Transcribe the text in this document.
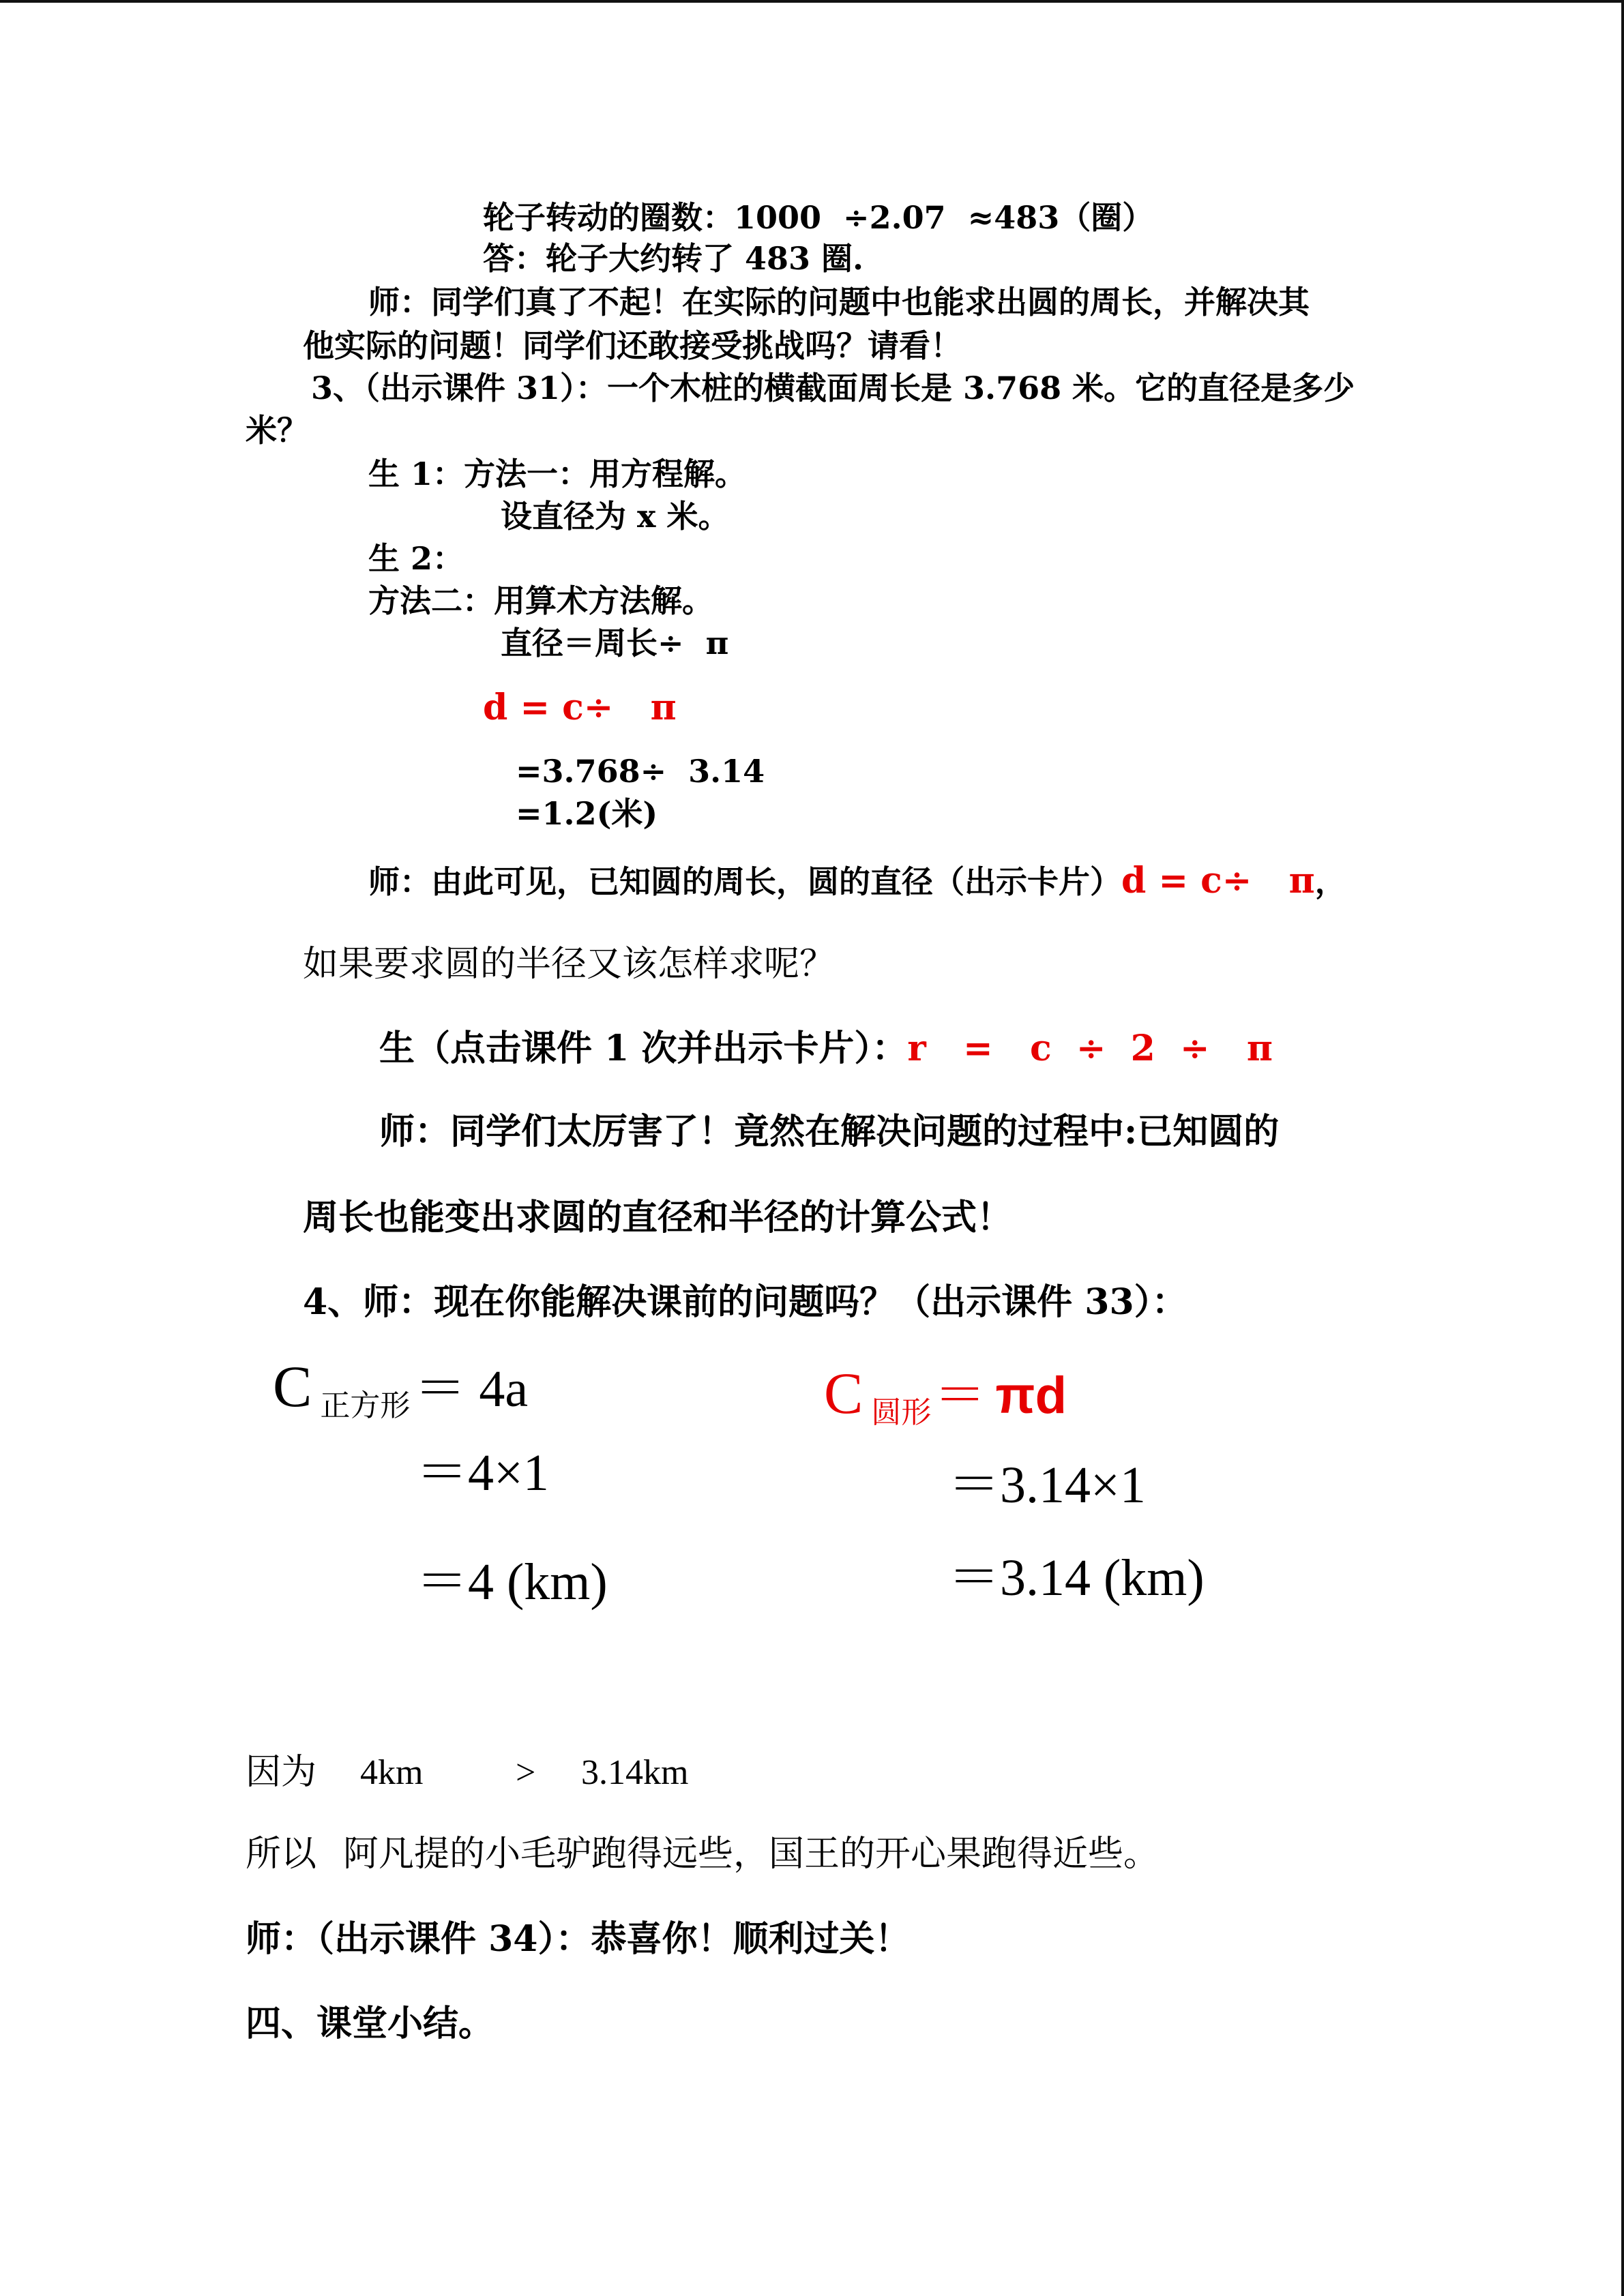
轮子转动的圈数：1000  ÷2.07  ≈483（圈）
答：轮子大约转了 483 圈.
师：同学们真了不起！在实际的问题中也能求出圆的周长，并解决其
他实际的问题！同学们还敢接受挑战吗？请看！
3、（出示课件 31）：一个木桩的横截面周长是 3.768 米。它的直径是多少
米？
生 1：方法一：用方程解。
设直径为 x 米。
生 2：
方法二：用算术方法解。
直径＝周长÷  π
d = c÷   π
=3.768÷  3.14
=1.2(米)
师：由此可见，已知圆的周长，圆的直径（出示卡片）d = c÷   π，
如果要求圆的半径又该怎样求呢？
生（点击课件 1 次并出示卡片）：r   =   c  ÷  2  ÷   π
师：同学们太厉害了！竟然在解决问题的过程中:已知圆的
周长也能变出求圆的直径和半径的计算公式！
4、师：现在你能解决课前的问题吗？（出示课件 33）：
C正方形＝ 4a
＝4×1
＝4 (km)
C圆形＝ πd
＝3.14×1
＝3.14 (km)
因为 4km	> 3.14km
所以   阿凡提的小毛驴跑得远些，国王的开心果跑得近些。
师：（出示课件 34）：恭喜你！顺利过关！
四、课堂小结。
